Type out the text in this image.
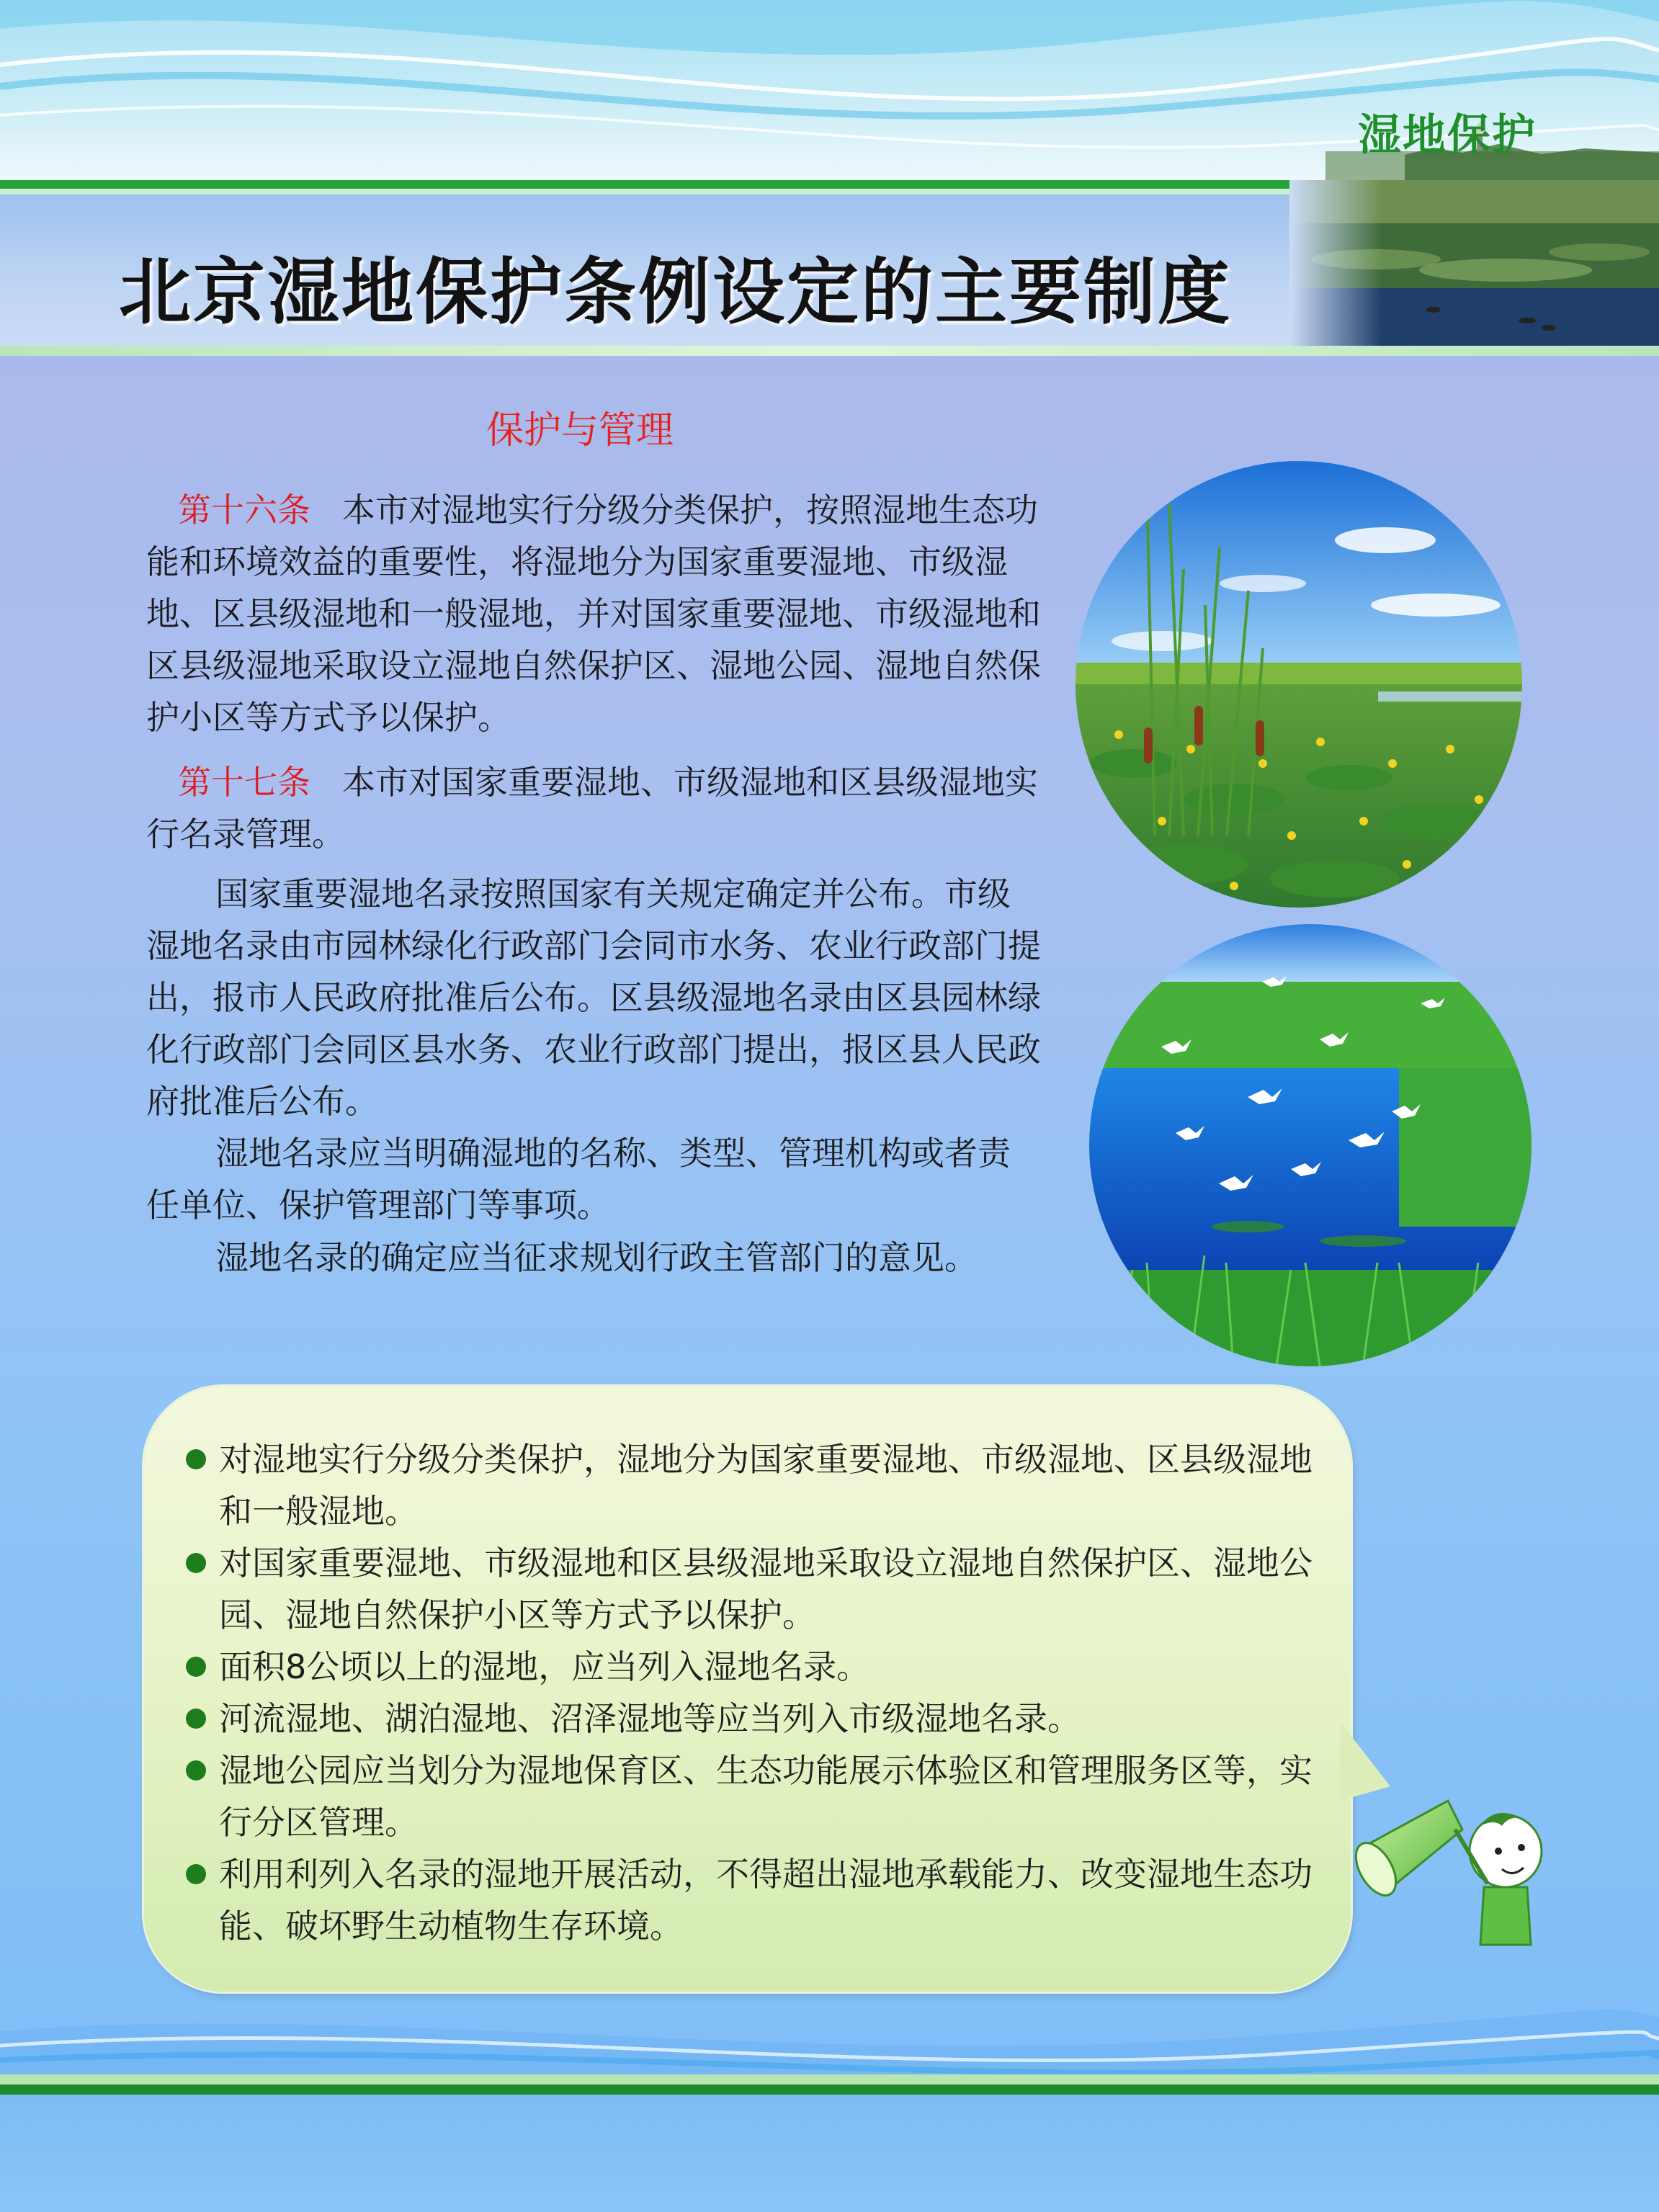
湿地保护
北京湿地保护条例设定的主要制度
保护与管理
第十六条 本市对湿地实行分级分类保护，按照湿地生态功能和环境效益的重要性，将湿地分为国家重要湿地、市级湿地、区县级湿地和一般湿地，并对国家重要湿地、市级湿地和区县级湿地采取设立湿地自然保护区、湿地公园、湿地自然保护小区等方式予以保护。
第十七条 本市对国家重要湿地、市级湿地和区县级湿地实行名录管理。
国家重要湿地名录按照国家有关规定确定并公布。市级湿地名录由市园林绿化行政部门会同市水务、农业行政部门提出，报市人民政府批准后公布。区县级湿地名录由区县园林绿化行政部门会同区县水务、农业行政部门提出，报区县人民政府批准后公布。
湿地名录应当明确湿地的名称、类型、管理机构或者责任单位、保护管理部门等事项。
湿地名录的确定应当征求规划行政主管部门的意见。
对湿地实行分级分类保护，湿地分为国家重要湿地、市级湿地、区县级湿地和一般湿地。
对国家重要湿地、市级湿地和区县级湿地采取设立湿地自然保护区、湿地公园、湿地自然保护小区等方式予以保护。
面积8公顷以上的湿地，应当列入湿地名录。
河流湿地、湖泊湿地、沼泽湿地等应当列入市级湿地名录。
湿地公园应当划分为湿地保育区、生态功能展示体验区和管理服务区等，实行分区管理。
利用利列入名录的湿地开展活动，不得超出湿地承载能力、改变湿地生态功能、破坏野生动植物生存环境。
